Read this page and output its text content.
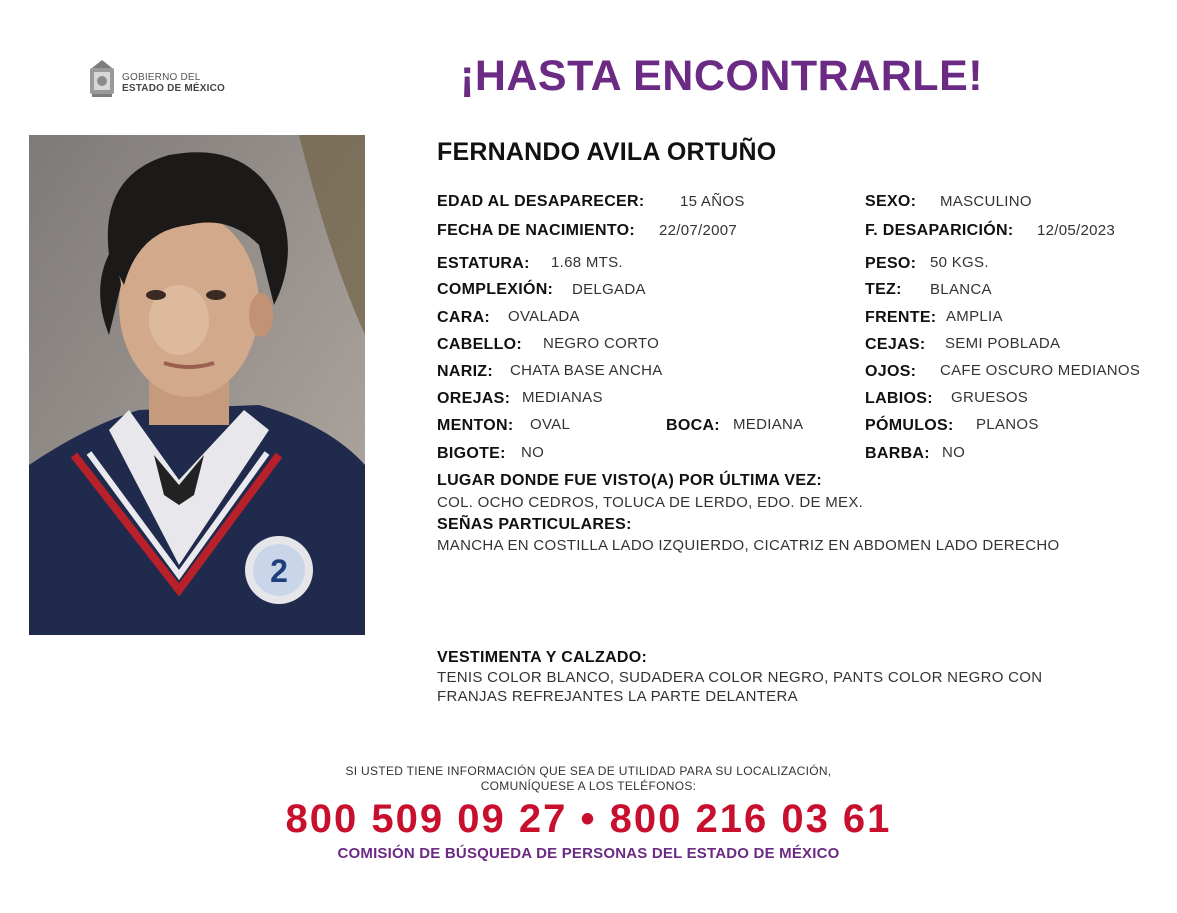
GOBIERNO DEL
ESTADO DE MÉXICO	¡HASTA ENCONTRARLE!
2
FERNANDO AVILA ORTUÑO
EDAD AL DESAPARECER: 15 AÑOS
FECHA DE NACIMIENTO: 22/07/2007
ESTATURA: 1.68 MTS.
COMPLEXIÓN: DELGADA
CARA: OVALADA
CABELLO: NEGRO CORTO
NARIZ: CHATA BASE ANCHA
OREJAS: MEDIANAS
MENTON: OVAL	BOCA: MEDIANA
BIGOTE: NO
SEXO: MASCULINO
F. DESAPARICIÓN: 12/05/2023
PESO: 50 KGS.
TEZ: BLANCA
FRENTE: AMPLIA
CEJAS: SEMI POBLADA
OJOS: CAFE OSCURO MEDIANOS
LABIOS: GRUESOS
PÓMULOS: PLANOS
BARBA: NO
LUGAR DONDE FUE VISTO(A) POR ÚLTIMA VEZ:
COL. OCHO CEDROS, TOLUCA DE LERDO, EDO. DE MEX.
SEÑAS PARTICULARES:
MANCHA EN COSTILLA LADO IZQUIERDO, CICATRIZ EN ABDOMEN LADO DERECHO
VESTIMENTA Y CALZADO:
TENIS COLOR BLANCO, SUDADERA COLOR NEGRO, PANTS COLOR NEGRO CON
FRANJAS REFREJANTES LA PARTE DELANTERA
SI USTED TIENE INFORMACIÓN QUE SEA DE UTILIDAD PARA SU LOCALIZACIÓN,
COMUNÍQUESE A LOS TELÉFONOS:
800 509 09 27 • 800 216 03 61
COMISIÓN DE BÚSQUEDA DE PERSONAS DEL ESTADO DE MÉXICO
